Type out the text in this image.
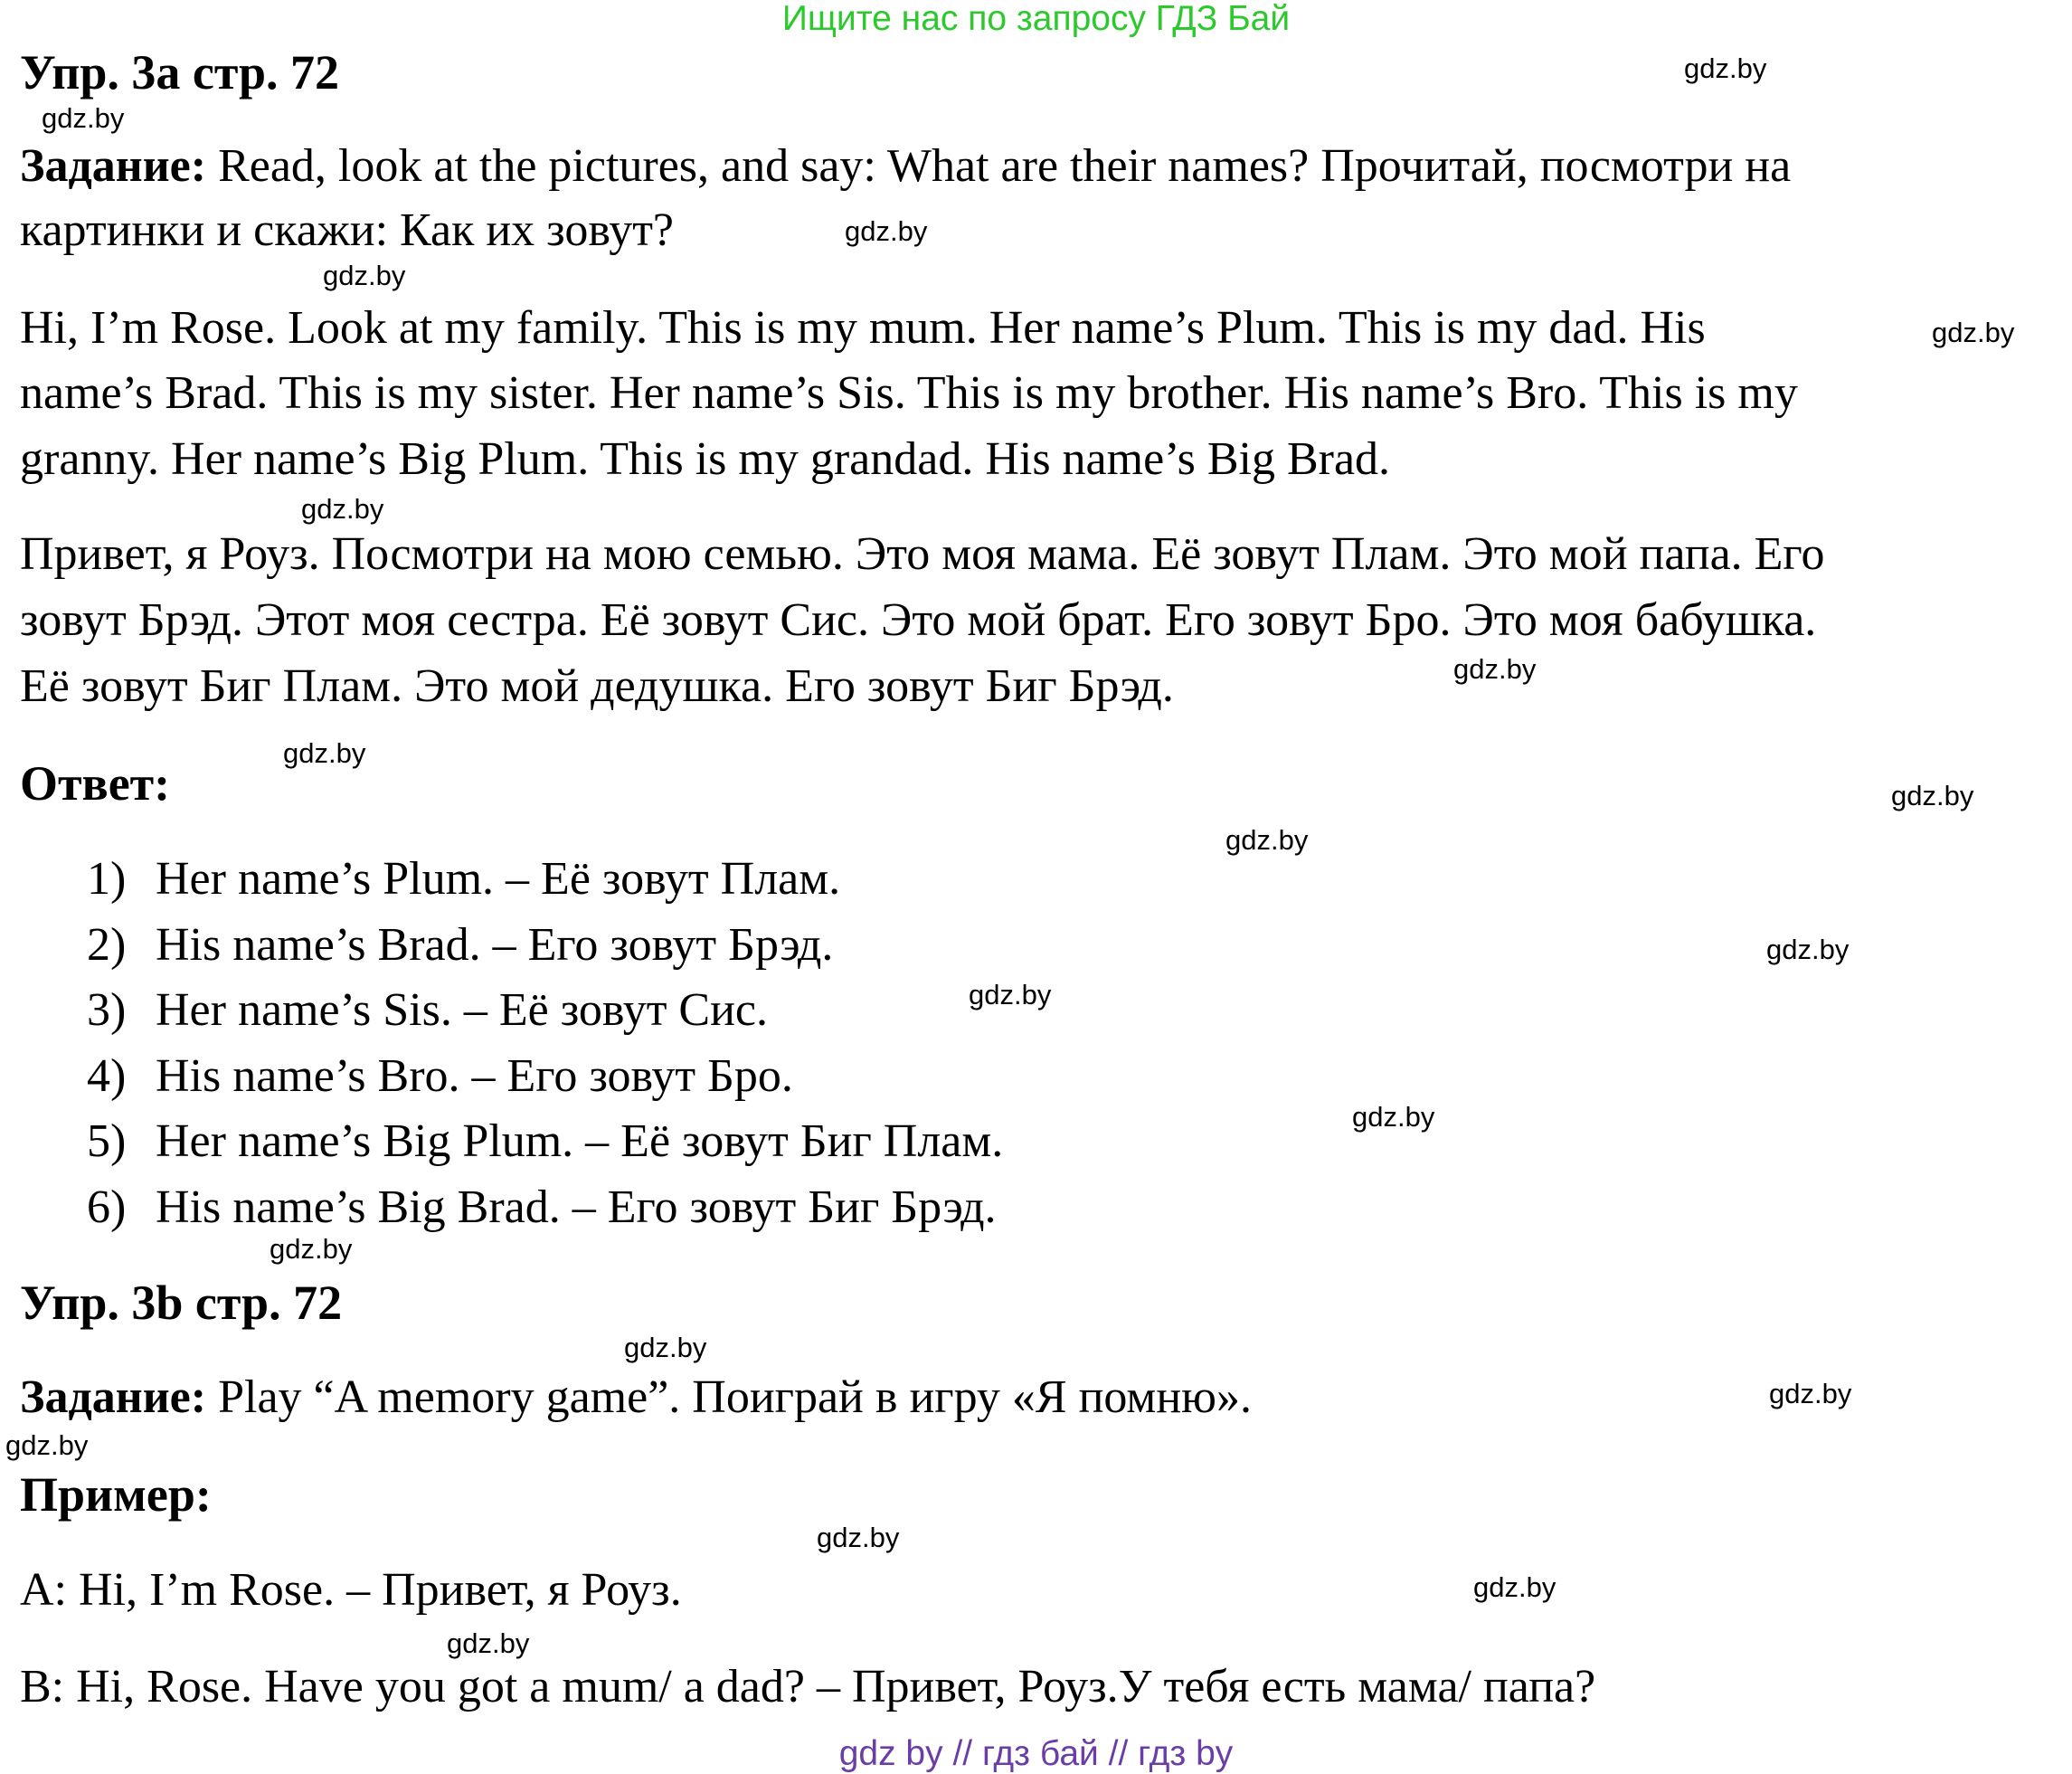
Ищите нас по запросу ГДЗ Бай
Упр. 3а стр. 72
Задание: Read, look at the pictures, and say: What are their names? Прочитай, посмотри на
картинки и скажи: Как их зовут?
Hi, I’m Rose. Look at my family. This is my mum. Her name’s Plum. This is my dad. His
name’s Brad. This is my sister. Her name’s Sis. This is my brother. His name’s Bro. This is my
granny. Her name’s Big Plum. This is my grandad. His name’s Big Brad.
Привет, я Роуз. Посмотри на мою семью. Это моя мама. Её зовут Плам. Это мой папа. Его
зовут Брэд. Этот моя сестра. Её зовут Сис. Это мой брат. Его зовут Бро. Это моя бабушка.
Её зовут Биг Плам. Это мой дедушка. Его зовут Биг Брэд.
Ответ:
1) Her name’s Plum. – Её зовут Плам.
2) His name’s Brad. – Его зовут Брэд.
3) Her name’s Sis. – Её зовут Сис.
4) His name’s Bro. – Его зовут Бро.
5) Her name’s Big Plum. – Её зовут Биг Плам.
6) His name’s Big Brad. – Его зовут Биг Брэд.
Упр. 3b стр. 72
Задание: Play “A memory game”. Поиграй в игру «Я помню».
Пример:
A: Hi, I’m Rose. – Привет, я Роуз.
B: Hi, Rose. Have you got a mum/ a dad? – Привет, Роуз.У тебя есть мама/ папа?
gdz.by
gdz.by
gdz.by
gdz.by
gdz.by
gdz.by
gdz.by
gdz.by
gdz.by
gdz.by
gdz.by
gdz.by
gdz.by
gdz.by
gdz.by
gdz.by
gdz.by
gdz.by
gdz.by
gdz.by
gdz by // гдз бай // гдз by
